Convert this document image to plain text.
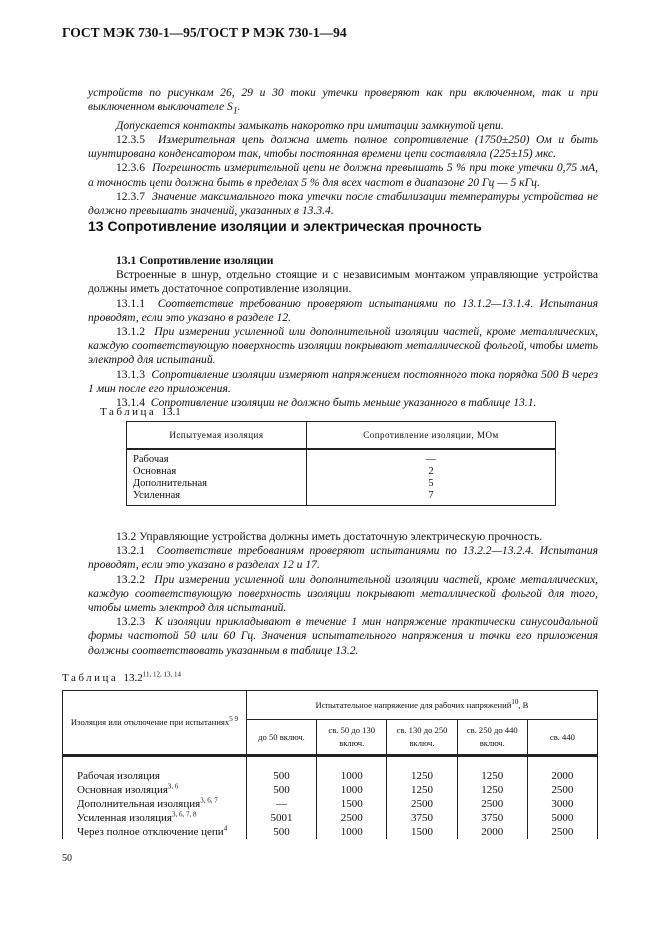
ГОСТ МЭК 730-1—95/ГОСТ Р МЭК 730-1—94

устройств по рисункам 26, 29 и 30 токи утечки проверяют как при включенном, так и при выключенном выключателе $S_1$.

Допускается контакты замыкать накоротко при имитации замкнутой цепи.

12.3.5 Измерительная цепь должна иметь полное сопротивление (1750±250) Ом и быть шунтирована конденсатором так, чтобы постоянная времени цепи составляла (225±15) мкс.

12.3.6 Погрешность измерительной цепи не должна превышать 5 % при токе утечки 0,75 мА, а точность цепи должна быть в пределах 5 % для всех частот в диапазоне 20 Гц — 5 кГц.

12.3.7 Значение максимального тока утечки после стабилизации температуры устройства не должно превышать значений, указанных в 13.3.4.

13 Сопротивление изоляции и электрическая прочность

13.1 Сопротивление изоляции

Встроенные в шнур, отдельно стоящие и с независимым монтажом управляющие устройства должны иметь достаточное сопротивление изоляции.

13.1.1 Соответствие требованию проверяют испытаниями по 13.1.2—13.1.4. Испытания проводят, если это указано в разделе 12.

13.1.2 При измерении усиленной или дополнительной изоляции частей, кроме металлических, каждую соответствующую поверхность изоляции покрывают металлической фольгой, чтобы иметь электрод для испытаний.

13.1.3 Сопротивление изоляции измеряют напряжением постоянного тока порядка 500 В через 1 мин после его приложения.

13.1.4 Сопротивление изоляции не должно быть меньше указанного в таблице 13.1.

Таблица 13.1
Испытуемая изоляция	Сопротивление изоляции, МОм
Рабочая	—
Основная	2
Дополнительная	5
Усиленная	7

13.2 Управляющие устройства должны иметь достаточную электрическую прочность.

13.2.1 Соответствие требованиям проверяют испытаниями по 13.2.2—13.2.4. Испытания проводят, если это указано в разделах 12 и 17.

13.2.2 При измерении усиленной или дополнительной изоляции частей, кроме металлических, каждую соответствующую поверхность изоляции покрывают металлической фольгой для того, чтобы иметь электрод для испытаний.

13.2.3 К изоляции прикладывают в течение 1 мин напряжение практически синусоидальной формы частотой 50 или 60 Гц. Значения испытательного напряжения и точки его приложения должны соответствовать указанным в таблице 13.2.

Таблица 13.2$^{11, 12, 13, 14}$
Изоляция или отключение при испытаниях$^{5 9}$	Испытательное напряжение для рабочих напряжений$^{10}$, В				
	до 50 включ.	св. 50 до 130 включ.	св. 130 до 250 включ.	св. 250 до 440 включ.	св. 440
Рабочая изоляция	500	1000	1250	1250	2000
Основная изоляция$^{3, 6}$	500	1000	1250	1250	2500
Дополнительная изоляция$^{3, 6, 7}$	—	1500	2500	2500	3000
Усиленная изоляция$^{3, 6, 7, 8}$	5001	2500	3750	3750	5000
Через полное отключение цепи$^4$	500	1000	1500	2000	2500
50
